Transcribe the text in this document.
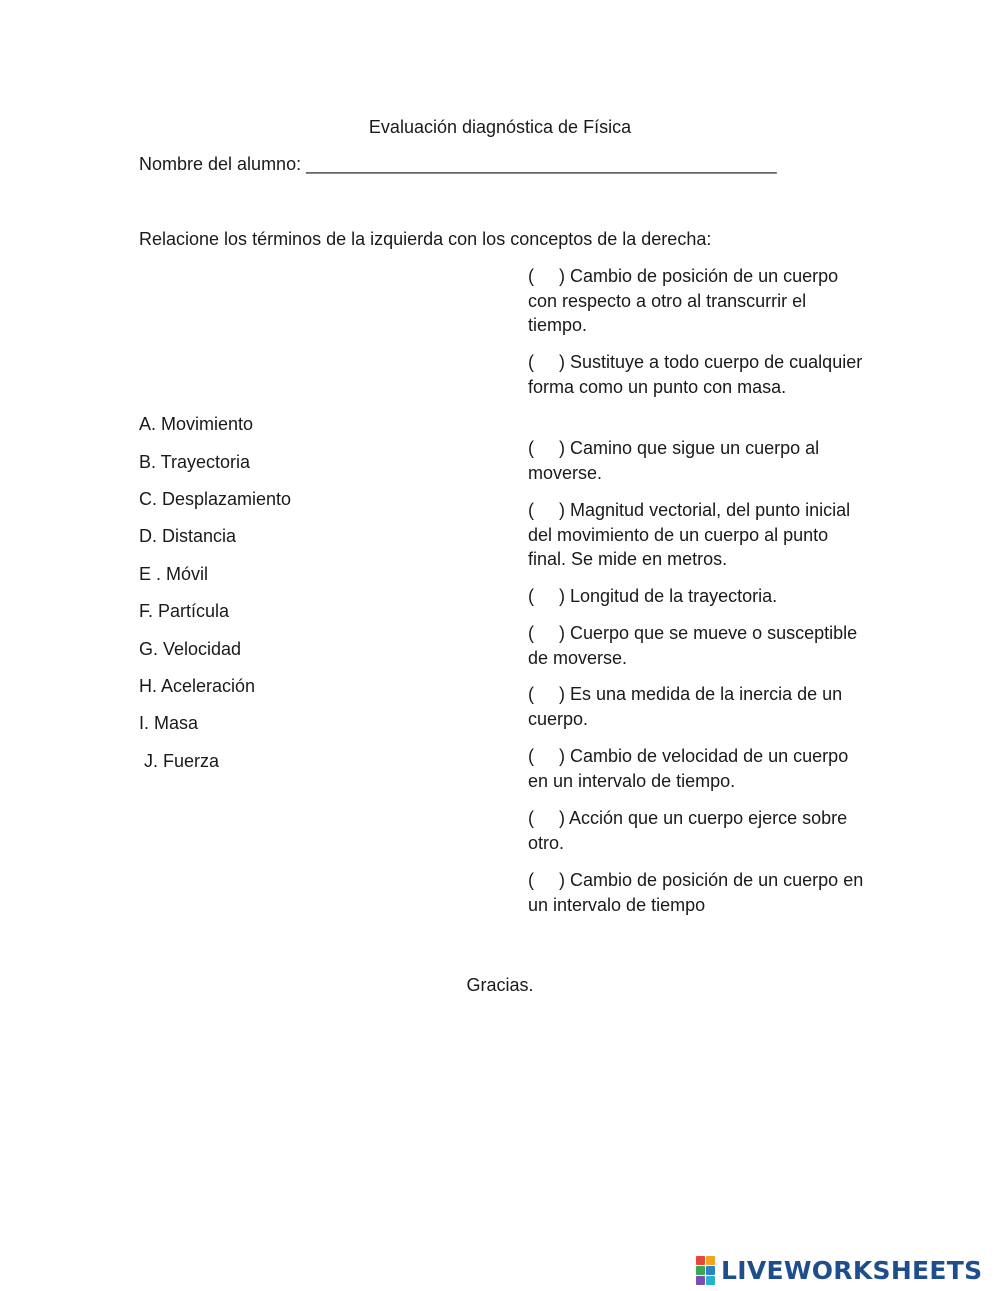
Evaluación diagnóstica de Física
Nombre del alumno: _______________________________________________
Relacione los términos de la izquierda con los conceptos de la derecha:
A. Movimiento
B. Trayectoria
C. Desplazamiento
D. Distancia
E . Móvil
F. Partícula
G. Velocidad
H. Aceleración
I. Masa
J. Fuerza
(     ) Cambio de posición de un cuerpo con respecto a otro al transcurrir el tiempo.
(     ) Sustituye a todo cuerpo de cualquier forma como un punto con masa.
(     ) Camino que sigue un cuerpo al moverse.
(     ) Magnitud vectorial, del punto inicial del movimiento de un cuerpo al punto final. Se mide en metros.
(     ) Longitud de la trayectoria.
(     ) Cuerpo que se mueve o susceptible de moverse.
(     ) Es una medida de la inercia de un cuerpo.
(     ) Cambio de velocidad de un cuerpo en un intervalo de tiempo.
(     ) Acción que un cuerpo ejerce sobre otro.
(     ) Cambio de posición de un cuerpo en un intervalo de tiempo
Gracias.
LIVEWORKSHEETS
